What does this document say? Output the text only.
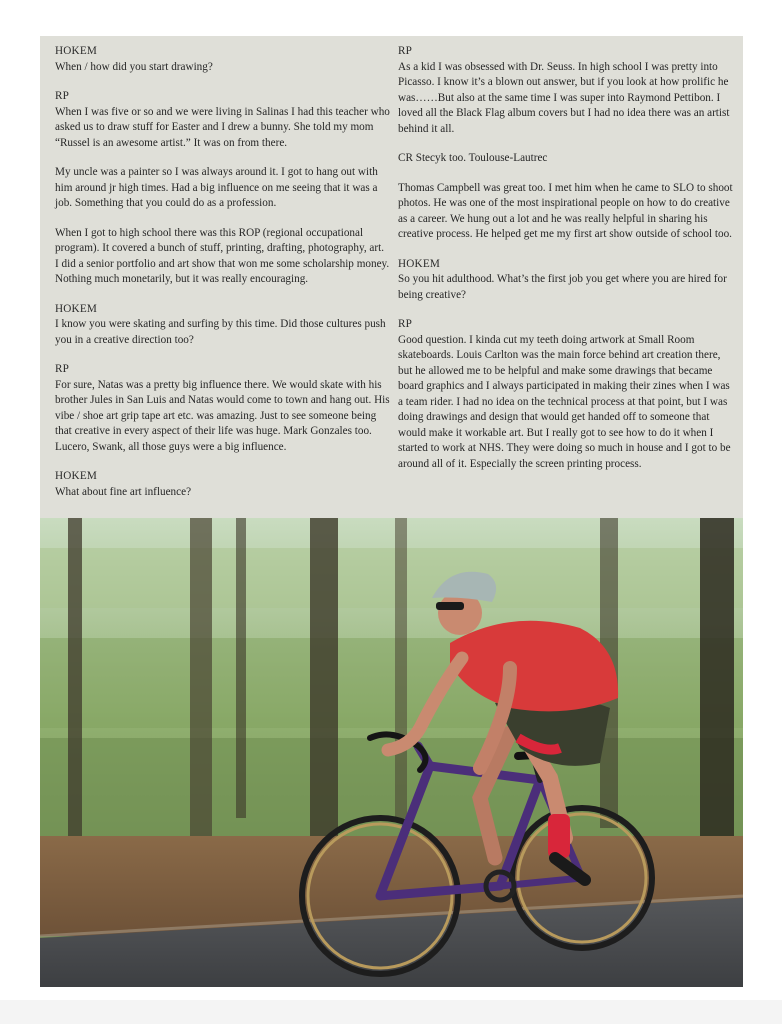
HOKEM
When / how did you start drawing?
RP
When I was five or so and we were living in Salinas I had this teacher who asked us to draw stuff for Easter and I drew a bunny. She told my mom “Russel is an awesome artist.” It was on from there.
My uncle was a painter so I was always around it. I got to hang out with him around jr high times. Had a big influence on me seeing that it was a job. Something that you could do as a profession.
When I got to high school there was this ROP (regional occupational program). It covered a bunch of stuff, printing, drafting, photography, art. I did a senior portfolio and art show that won me some scholarship money. Nothing much monetarily, but it was really encouraging.
HOKEM
I know you were skating and surfing by this time. Did those cultures push you in a creative direction too?
RP
For sure, Natas was a pretty big influence there. We would skate with his brother Jules in San Luis and Natas would come to town and hang out. His vibe / shoe art grip tape art etc. was amazing. Just to see someone being that creative in every aspect of their life was huge. Mark Gonzales too. Lucero, Swank, all those guys were a big influence.
HOKEM
What about fine art influence?
RP
As a kid I was obsessed with Dr. Seuss. In high school I was pretty into Picasso. I know it’s a blown out answer, but if you look at how prolific he was……But also at the same time I was super into Raymond Pettibon. I loved all the Black Flag album covers but I had no idea there was an artist behind it all.
CR Stecyk too. Toulouse-Lautrec
Thomas Campbell was great too. I met him when he came to SLO to shoot photos. He was one of the most inspirational people on how to do creative as a career. We hung out a lot and he was really helpful in sharing his creative process. He helped get me my first art show outside of school too.
HOKEM
So you hit adulthood. What’s the first job you get where you are hired for being creative?
RP
Good question. I kinda cut my teeth doing artwork at Small Room skateboards. Louis Carlton was the main force behind art creation there, but he allowed me to be helpful and make some drawings that became board graphics and I always participated in making their zines when I was a team rider. I had no idea on the technical process at that point, but I was doing drawings and design that would get handed off to someone that would make it workable art. But I really got to see how to do it when I started to work at NHS. They were doing so much in house and I got to be around all of it. Especially the screen printing process.
